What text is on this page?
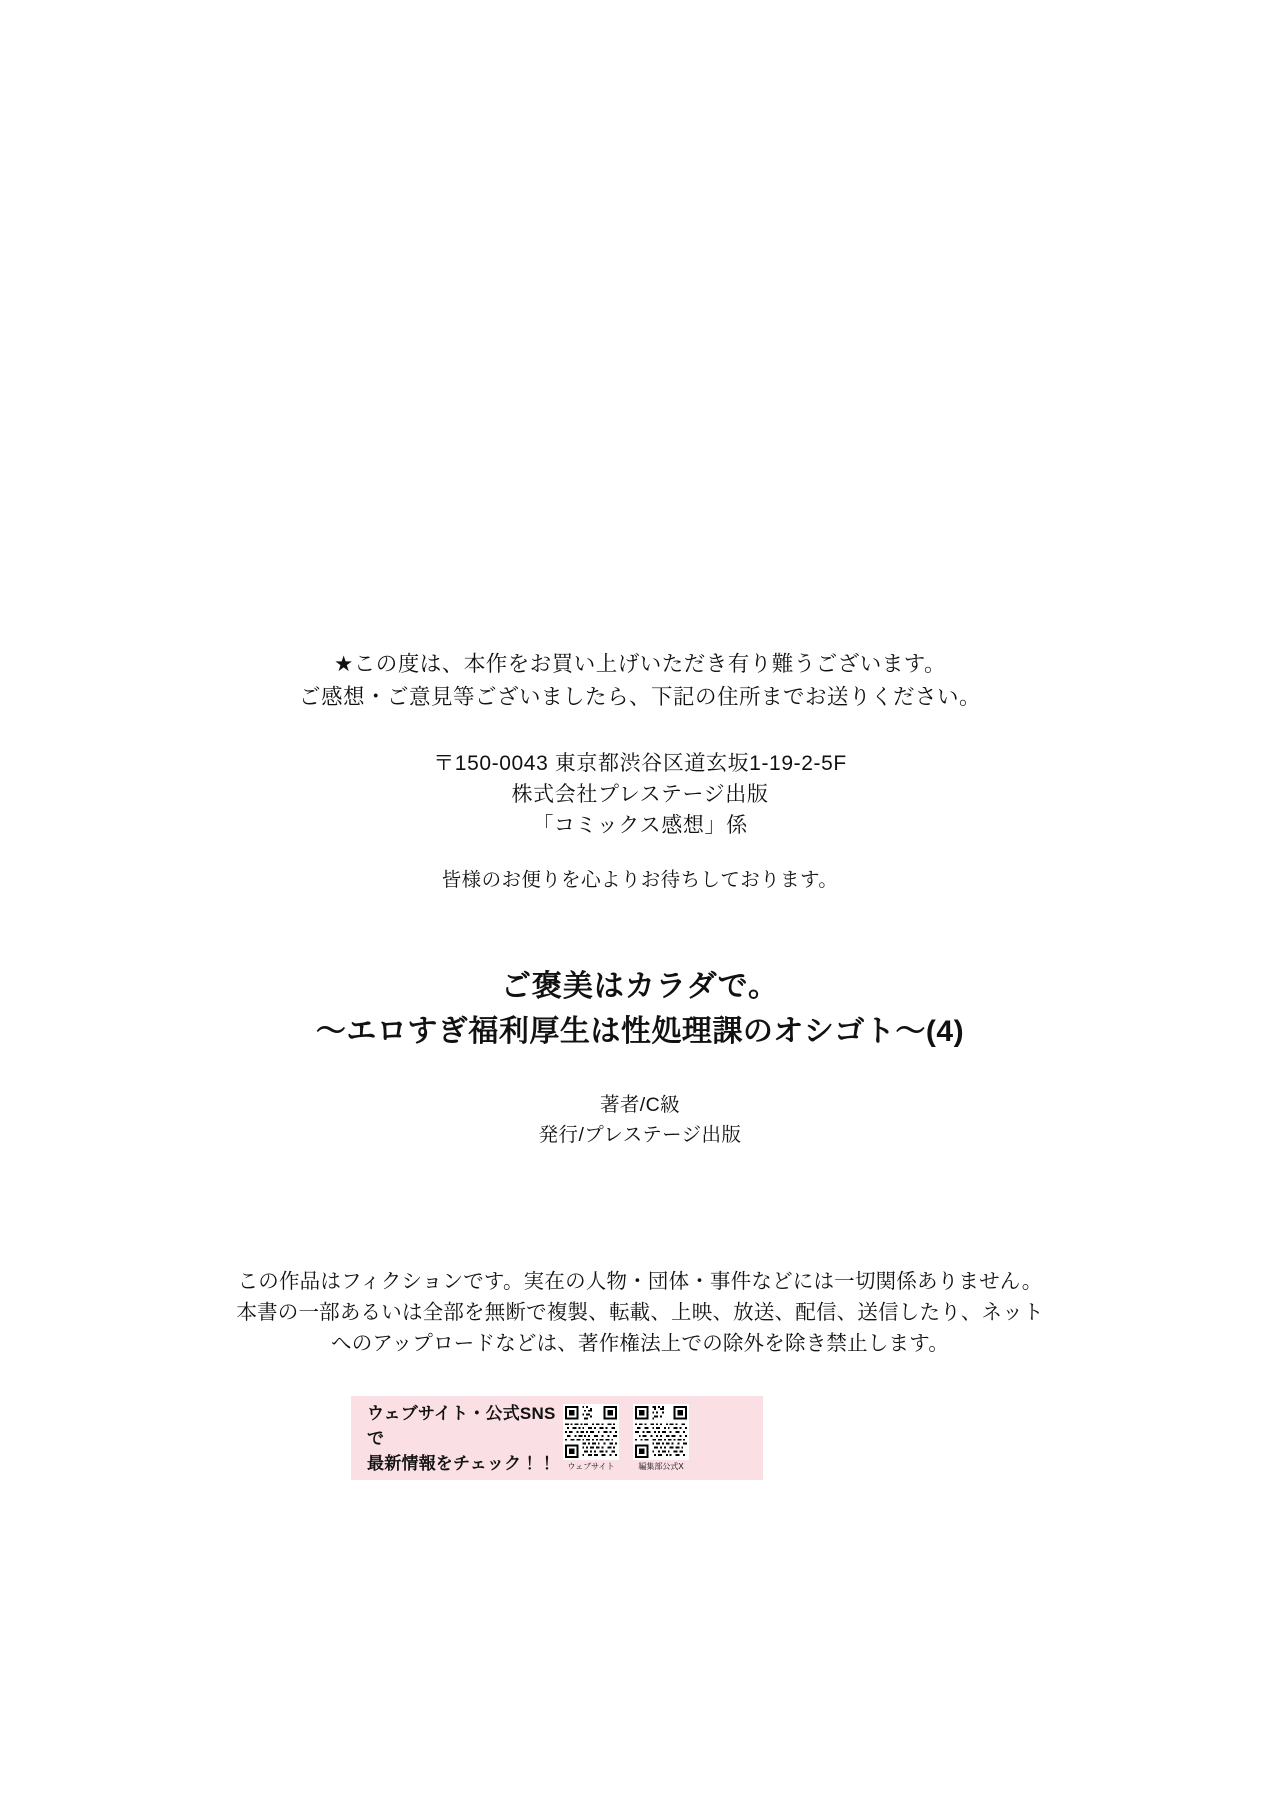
★この度は、本作をお買い上げいただき有り難うございます。
ご感想・ご意見等ございましたら、下記の住所までお送りください。
〒150-0043 東京都渋谷区道玄坂1-19-2-5F
株式会社プレステージ出版
「コミックス感想」係
皆様のお便りを心よりお待ちしております。
ご褒美はカラダで。
〜エロすぎ福利厚生は性処理課のオシゴト〜(4)
著者/C級
発行/プレステージ出版
この作品はフィクションです。実在の人物・団体・事件などには一切関係ありません。
本書の一部あるいは全部を無断で複製、転載、上映、放送、配信、送信したり、ネット
へのアップロードなどは、著作権法上での除外を除き禁止します。
ウェブサイト・公式SNSで
最新情報をチェック！！	ウェブサイト	編集部公式X
